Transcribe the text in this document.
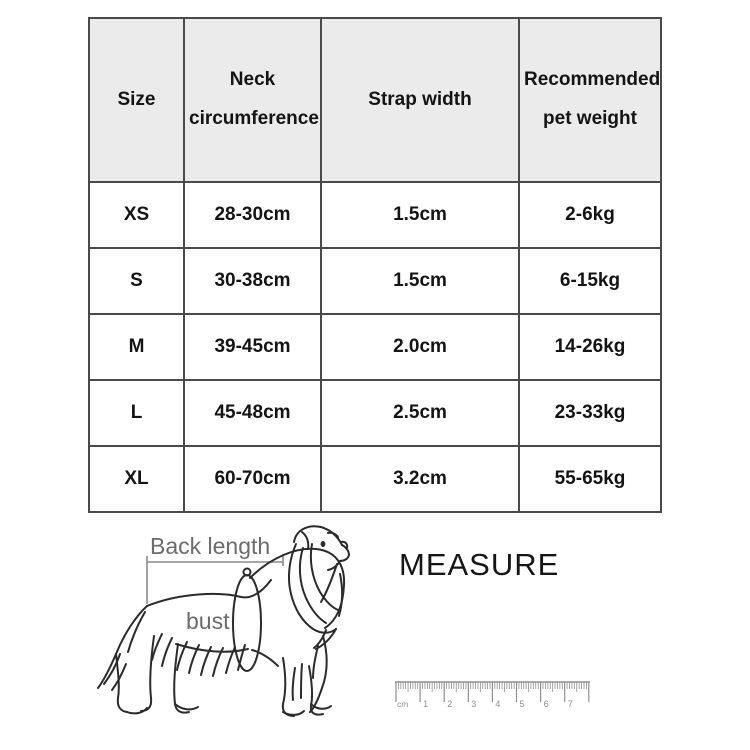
Size	Neck circumference	Strap width	Recommended pet weight
XS	28-30cm	1.5cm	2-6kg
S	30-38cm	1.5cm	6-15kg
M	39-45cm	2.0cm	14-26kg
L	45-48cm	2.5cm	23-33kg
XL	60-70cm	3.2cm	55-65kg
Back length
bust
MEASURE
cm 1 2 3 4 5 6 7
